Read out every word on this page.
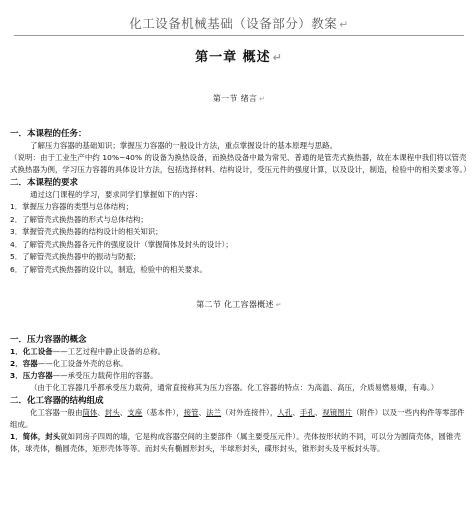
化工设备机械基础（设备部分）教案 ↵
第一章 概述 ↵
第一节 绪言 ↵
一．本课程的任务：
了解压力容器的基础知识；掌握压力容器的一般设计方法，重点掌握设计的基本原理与思路。
（说明：由于工业生产中约 10%~40% 的设备为换热设备，而换热设备中最为常见、普通的是管壳式换热器，故在本课程中我们将以管壳式换热器为例，学习压力容器的具体设计方法，包括选择材料、结构设计，受压元件的强度计算，以及设计，制造，检验中的相关要求等。）
二．本课程的要求
通过这门课程的学习，要求同学们掌握如下的内容：
1．掌握压力容器的类型与总体结构；
2．了解管壳式换热器的形式与总体结构；
3．掌握管壳式换热器的结构设计的相关知识；
4．了解管壳式换热器各元件的强度设计（掌握简体及封头的设计）；
5．了解管壳式换热器中的振动与防振；
6．了解管壳式换热器的设计以，制造，检验中的相关要求。
第二节 化工容器概述 ↵
一．压力容器的概念
1．化工设备——工艺过程中静止设备的总称。
2．容器——化工设备外壳的总称。
3．压力容器——承受压力载荷作用的容器。
（由于化工容器几乎都承受压力载荷，通常直接称其为压力容器。化工容器的特点：为高温、高压，介质易燃易爆，有毒。）
二．化工容器的结构组成
化工容器一般由筒体、封头、支座（基本件），接管、法兰（对外连接件），人孔、手孔、视镜图片（附件）以及一些内构件等零部件组成。
1．简体，封头就如同房子四周的墙，它是构成容器空间的主要部件（属主要受压元件）。壳体按形状的不同，可以分为圆筒壳体，圆锥壳体，球壳体，椭圆壳体，矩形壳体等等。而封头有椭圆形封头，半球形封头，碟形封头，锥形封头及平板封头等。
